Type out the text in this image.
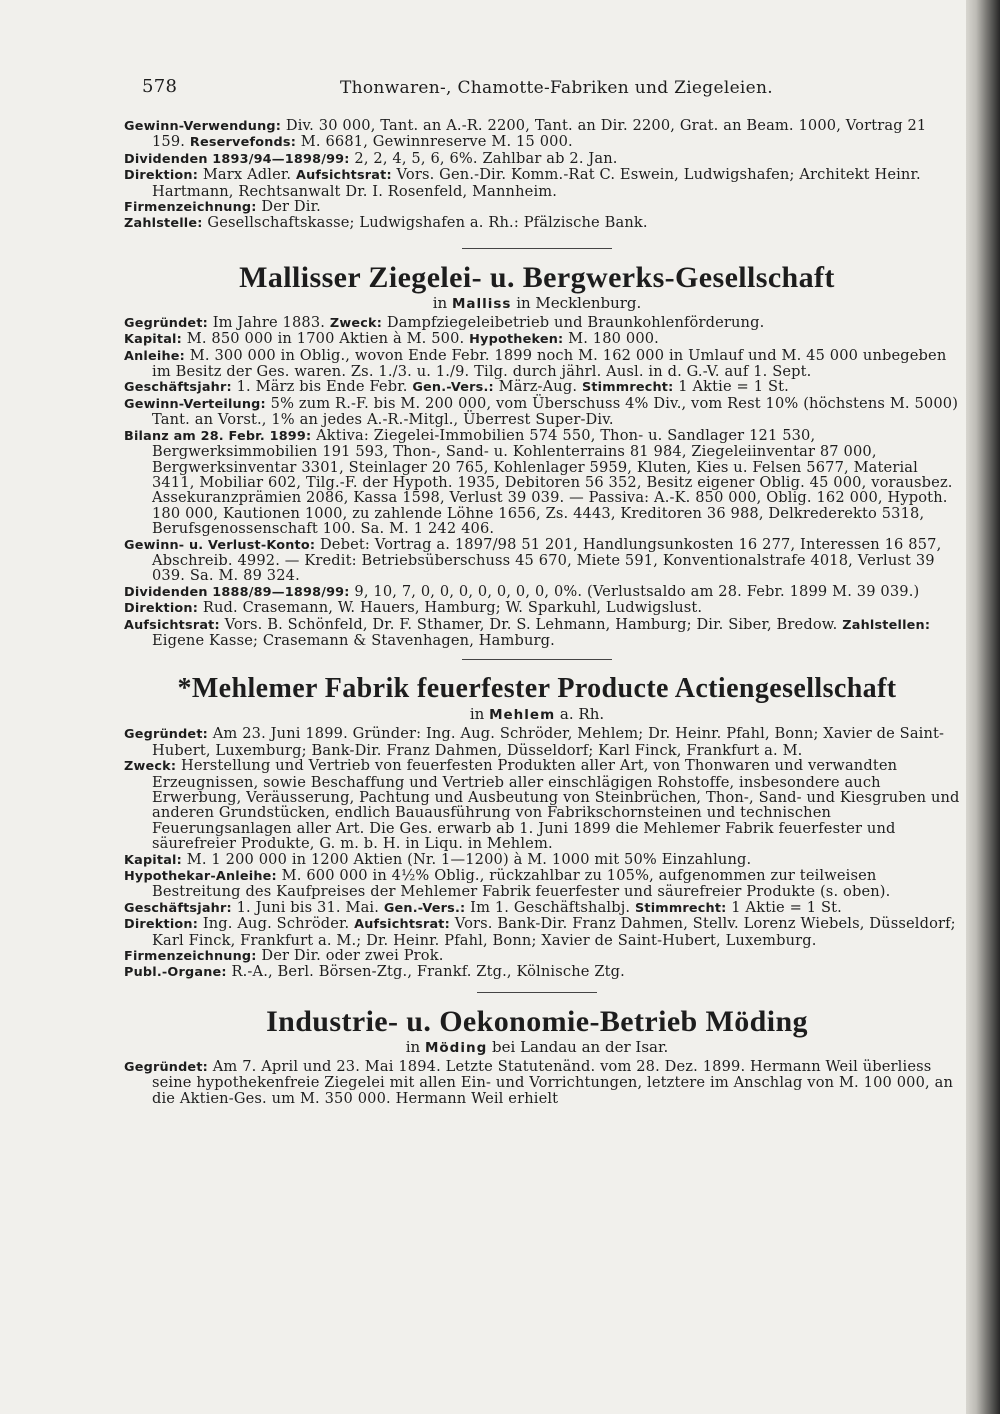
578	Thonwaren-, Chamotte-Fabriken und Ziegeleien.

Gewinn-Verwendung: Div. 30 000, Tant. an A.-R. 2200, Tant. an Dir. 2200, Grat. an Beam. 1000, Vortrag 21 159. Reservefonds: M. 6681, Gewinnreserve M. 15 000.

Dividenden 1893/94—1898/99: 2, 2, 4, 5, 6, 6%. Zahlbar ab 2. Jan.

Direktion: Marx Adler. Aufsichtsrat: Vors. Gen.-Dir. Komm.-Rat C. Eswein, Ludwigshafen; Architekt Heinr. Hartmann, Rechtsanwalt Dr. I. Rosenfeld, Mannheim.

Firmenzeichnung: Der Dir.

Zahlstelle: Gesellschaftskasse; Ludwigshafen a. Rh.: Pfälzische Bank.

Mallisser Ziegelei- u. Bergwerks-Gesellschaft

in Malliss in Mecklenburg.

Gegründet: Im Jahre 1883. Zweck: Dampfziegeleibetrieb und Braunkohlenförderung.

Kapital: M. 850 000 in 1700 Aktien à M. 500. Hypotheken: M. 180 000.

Anleihe: M. 300 000 in Oblig., wovon Ende Febr. 1899 noch M. 162 000 in Umlauf und M. 45 000 unbegeben im Besitz der Ges. waren. Zs. 1./3. u. 1./9. Tilg. durch jährl. Ausl. in d. G.-V. auf 1. Sept.

Geschäftsjahr: 1. März bis Ende Febr. Gen.-Vers.: März-Aug. Stimmrecht: 1 Aktie = 1 St.

Gewinn-Verteilung: 5% zum R.-F. bis M. 200 000, vom Überschuss 4% Div., vom Rest 10% (höchstens M. 5000) Tant. an Vorst., 1% an jedes A.-R.-Mitgl., Überrest Super-Div.

Bilanz am 28. Febr. 1899: Aktiva: Ziegelei-Immobilien 574 550, Thon- u. Sandlager 121 530, Bergwerksimmobilien 191 593, Thon-, Sand- u. Kohlenterrains 81 984, Ziegeleiinventar 87 000, Bergwerksinventar 3301, Steinlager 20 765, Kohlenlager 5959, Kluten, Kies u. Felsen 5677, Material 3411, Mobiliar 602, Tilg.-F. der Hypoth. 1935, Debitoren 56 352, Besitz eigener Oblig. 45 000, vorausbez. Assekuranzprämien 2086, Kassa 1598, Verlust 39 039. — Passiva: A.-K. 850 000, Oblig. 162 000, Hypoth. 180 000, Kautionen 1000, zu zahlende Löhne 1656, Zs. 4443, Kreditoren 36 988, Delkrederekto 5318, Berufsgenossenschaft 100. Sa. M. 1 242 406.

Gewinn- u. Verlust-Konto: Debet: Vortrag a. 1897/98 51 201, Handlungsunkosten 16 277, Interessen 16 857, Abschreib. 4992. — Kredit: Betriebsüberschuss 45 670, Miete 591, Konventionalstrafe 4018, Verlust 39 039. Sa. M. 89 324.

Dividenden 1888/89—1898/99: 9, 10, 7, 0, 0, 0, 0, 0, 0, 0, 0%. (Verlustsaldo am 28. Febr. 1899 M. 39 039.)

Direktion: Rud. Crasemann, W. Hauers, Hamburg; W. Sparkuhl, Ludwigslust.

Aufsichtsrat: Vors. B. Schönfeld, Dr. F. Sthamer, Dr. S. Lehmann, Hamburg; Dir. Siber, Bredow. Zahlstellen: Eigene Kasse; Crasemann & Stavenhagen, Hamburg.

*Mehlemer Fabrik feuerfester Producte Actiengesellschaft

in Mehlem a. Rh.

Gegründet: Am 23. Juni 1899. Gründer: Ing. Aug. Schröder, Mehlem; Dr. Heinr. Pfahl, Bonn; Xavier de Saint-Hubert, Luxemburg; Bank-Dir. Franz Dahmen, Düsseldorf; Karl Finck, Frankfurt a. M.

Zweck: Herstellung und Vertrieb von feuerfesten Produkten aller Art, von Thonwaren und verwandten Erzeugnissen, sowie Beschaffung und Vertrieb aller einschlägigen Rohstoffe, insbesondere auch Erwerbung, Veräusserung, Pachtung und Ausbeutung von Steinbrüchen, Thon-, Sand- und Kiesgruben und anderen Grundstücken, endlich Bauausführung von Fabrikschornsteinen und technischen Feuerungsanlagen aller Art. Die Ges. erwarb ab 1. Juni 1899 die Mehlemer Fabrik feuerfester und säurefreier Produkte, G. m. b. H. in Liqu. in Mehlem.

Kapital: M. 1 200 000 in 1200 Aktien (Nr. 1—1200) à M. 1000 mit 50% Einzahlung.

Hypothekar-Anleihe: M. 600 000 in 4½% Oblig., rückzahlbar zu 105%, aufgenommen zur teilweisen Bestreitung des Kaufpreises der Mehlemer Fabrik feuerfester und säurefreier Produkte (s. oben).

Geschäftsjahr: 1. Juni bis 31. Mai. Gen.-Vers.: Im 1. Geschäftshalbj. Stimmrecht: 1 Aktie = 1 St.

Direktion: Ing. Aug. Schröder. Aufsichtsrat: Vors. Bank-Dir. Franz Dahmen, Stellv. Lorenz Wiebels, Düsseldorf; Karl Finck, Frankfurt a. M.; Dr. Heinr. Pfahl, Bonn; Xavier de Saint-Hubert, Luxemburg.

Firmenzeichnung: Der Dir. oder zwei Prok.

Publ.-Organe: R.-A., Berl. Börsen-Ztg., Frankf. Ztg., Kölnische Ztg.

Industrie- u. Oekonomie-Betrieb Möding

in Möding bei Landau an der Isar.

Gegründet: Am 7. April und 23. Mai 1894. Letzte Statutenänd. vom 28. Dez. 1899. Hermann Weil überliess seine hypothekenfreie Ziegelei mit allen Ein- und Vorrichtungen, letztere im Anschlag von M. 100 000, an die Aktien-Ges. um M. 350 000. Hermann Weil erhielt
